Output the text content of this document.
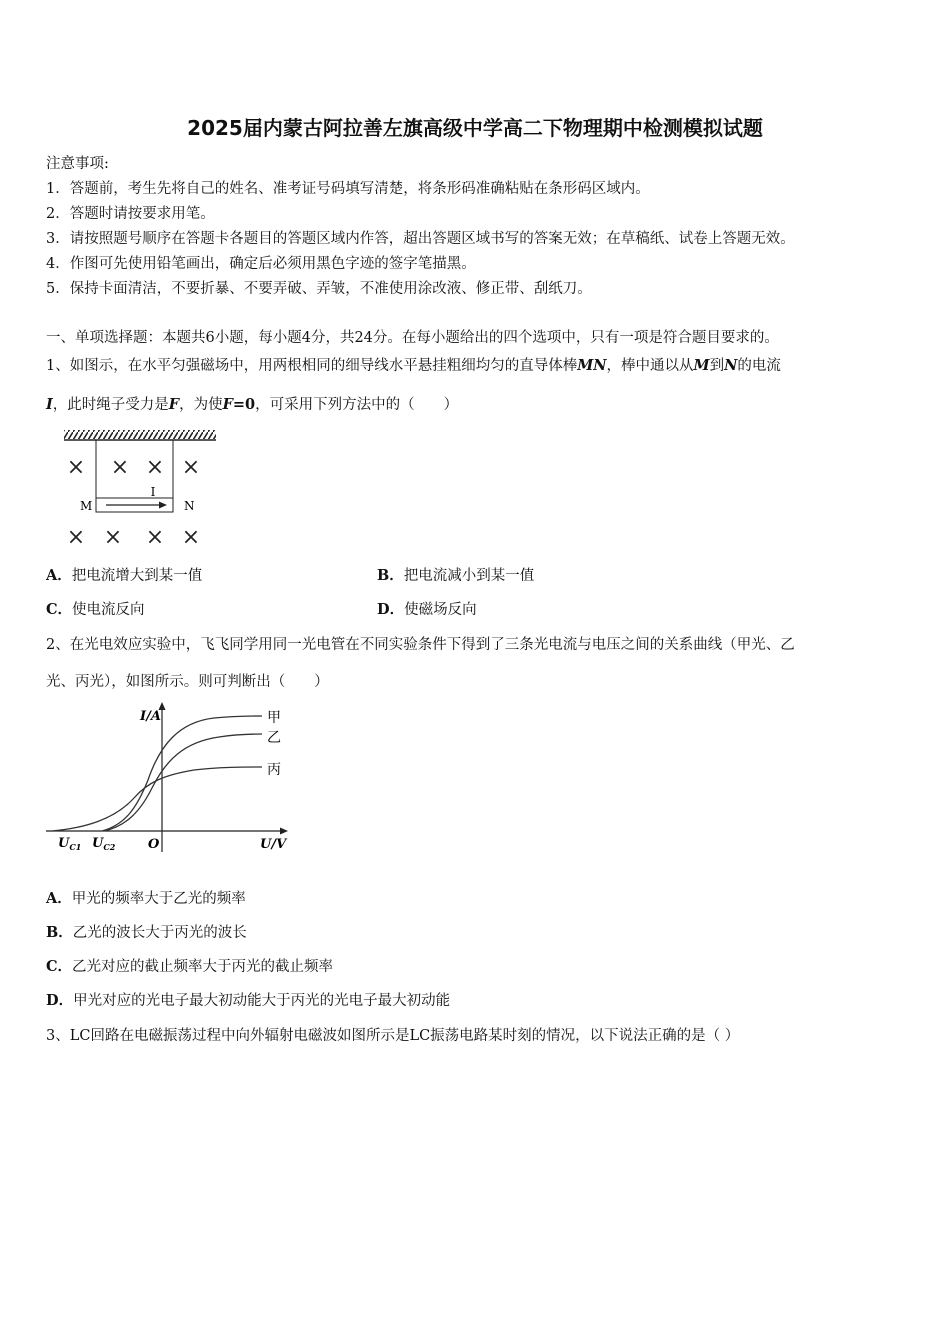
2025届内蒙古阿拉善左旗高级中学高二下物理期中检测模拟试题
注意事项:
1．答题前，考生先将自己的姓名、准考证号码填写清楚，将条形码准确粘贴在条形码区域内。
2．答题时请按要求用笔。
3．请按照题号顺序在答题卡各题目的答题区域内作答，超出答题区域书写的答案无效；在草稿纸、试卷上答题无效。
4．作图可先使用铅笔画出，确定后必须用黑色字迹的签字笔描黑。
5．保持卡面清洁，不要折暴、不要弄破、弄皱，不准使用涂改液、修正带、刮纸刀。
一、单项选择题：本题共6小题，每小题4分，共24分。在每小题给出的四个选项中，只有一项是符合题目要求的。
1、如图示，在水平匀强磁场中，用两根相同的细导线水平悬挂粗细均匀的直导体棒MN，棒中通以从M到N的电流
I，此时绳子受力是F，为使F=0，可采用下列方法中的（　　）
I
M	N
× × × ×
× × × ×
A．把电流增大到某一值	B．把电流减小到某一值
C．使电流反向	D．使磁场反向
2、在光电效应实验中，飞飞同学用同一光电管在不同实验条件下得到了三条光电流与电压之间的关系曲线（甲光、乙
光、丙光），如图所示。则可判断出（　　）
I/A
U/V
O
$U_{C1}$ $U_{C2}$
甲
乙
丙
A．甲光的频率大于乙光的频率
B．乙光的波长大于丙光的波长
C．乙光对应的截止频率大于丙光的截止频率
D．甲光对应的光电子最大初动能大于丙光的光电子最大初动能
3、LC回路在电磁振荡过程中向外辐射电磁波如图所示是LC振荡电路某时刻的情况，以下说法正确的是（ ）
